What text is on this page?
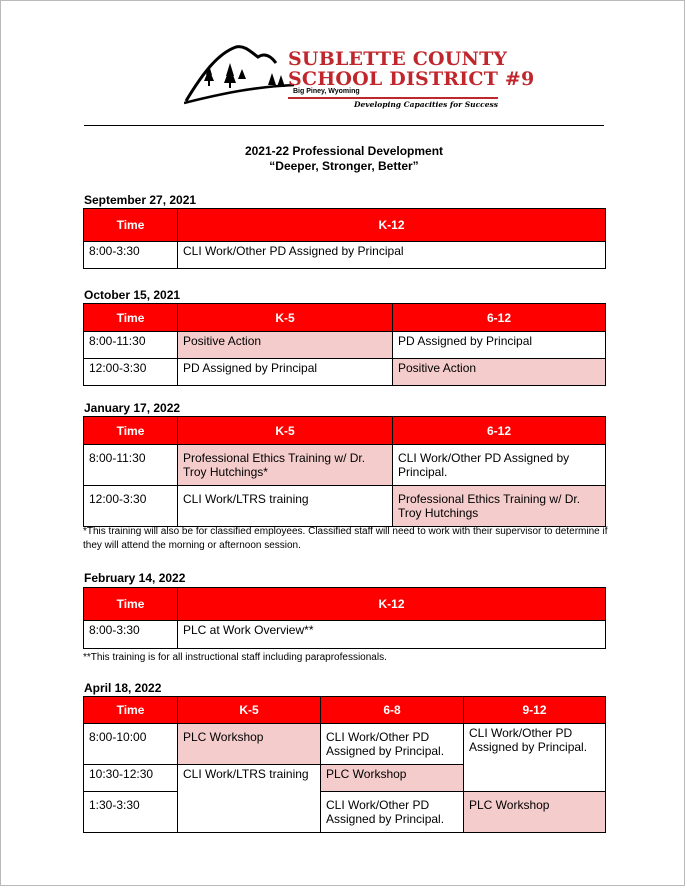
SUBLETTE COUNTY
SCHOOL DISTRICT #9
Big Piney, Wyoming
Developing Capacities for Success
2021-22 Professional Development
“Deeper, Stronger, Better”
September 27, 2021
Time	K-12
8:00-3:30	CLI Work/Other PD Assigned by Principal
October 15, 2021
Time	K-5	6-12
8:00-11:30	Positive Action	PD Assigned by Principal
12:00-3:30	PD Assigned by Principal	Positive Action
January 17, 2022
Time	K-5	6-12
8:00-11:30	Professional Ethics Training w/ Dr. Troy Hutchings*	CLI Work/Other PD Assigned by Principal.
12:00-3:30	CLI Work/LTRS training	Professional Ethics Training w/ Dr. Troy Hutchings
*This training will also be for classified employees. Classified staff will need to work with their supervisor to determine if they will attend the morning or afternoon session.
February 14, 2022
Time	K-12
8:00-3:30	PLC at Work Overview**
**This training is for all instructional staff including paraprofessionals.
April 18, 2022
Time	K-5	6-8	9-12
8:00-10:00	PLC Workshop	CLI Work/Other PD Assigned by Principal.	CLI Work/Other PD Assigned by Principal.
10:30-12:30	CLI Work/LTRS training	PLC Workshop	
1:30-3:30		CLI Work/Other PD Assigned by Principal.	PLC Workshop
